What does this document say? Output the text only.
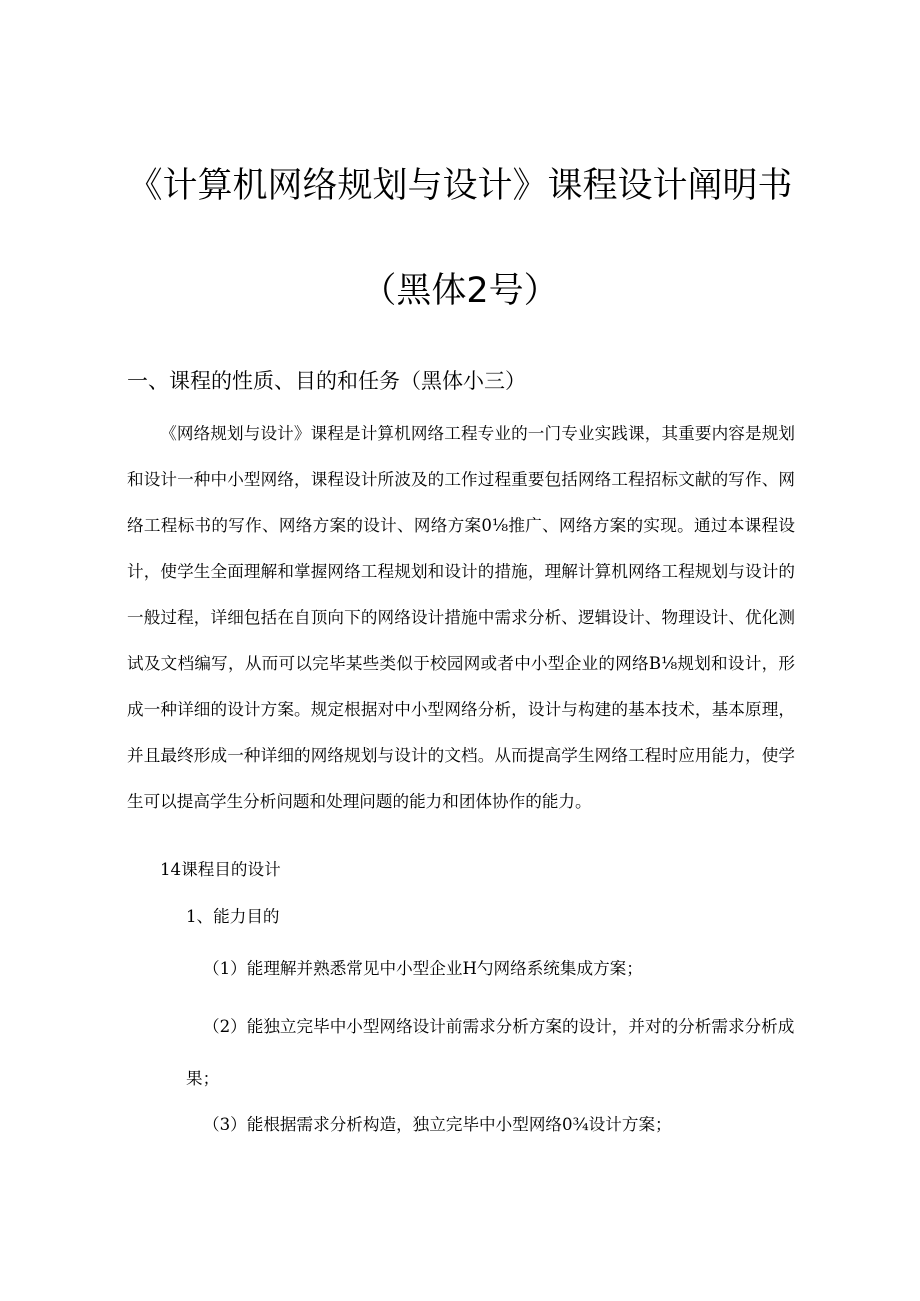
《计算机网络规划与设计》课程设计阐明书
（黑体2号）
一、课程的性质、目的和任务（黑体小三）

《网络规划与设计》课程是计算机网络工程专业的一门专业实践课，其重要内容是规划和设计一种中小型网络，课程设计所波及的工作过程重要包括网络工程招标文献的写作、网络工程标书的写作、网络方案的设计、网络方案0⅛推广、网络方案的实现。通过本课程设计，使学生全面理解和掌握网络工程规划和设计的措施，理解计算机网络工程规划与设计的一般过程，详细包括在自顶向下的网络设计措施中需求分析、逻辑设计、物理设计、优化测试及文档编写，从而可以完毕某些类似于校园网或者中小型企业的网络B⅛规划和设计，形成一种详细的设计方案。规定根据对中小型网络分析，设计与构建的基本技术，基本原理，并且最终形成一种详细的网络规划与设计的文档。从而提高学生网络工程时应用能力，使学生可以提高学生分析问题和处理问题的能力和团体协作的能力。

14课程目的设计
1、能力目的
（1）能理解并熟悉常见中小型企业H勺网络系统集成方案；
（2）能独立完毕中小型网络设计前需求分析方案的设计，并对的分析需求分析成果；
（3）能根据需求分析构造，独立完毕中小型网络0¾设计方案；
